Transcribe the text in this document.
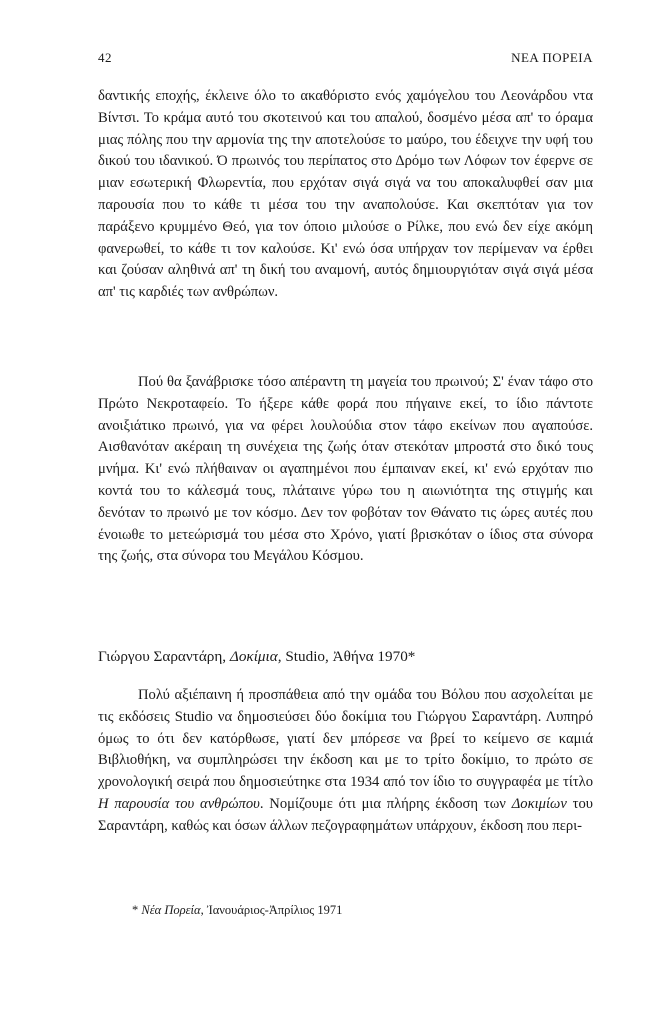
42	ΝΕΑ ΠΟΡΕΙΑ

δαντικής εποχής, έκλεινε όλο το ακαθόριστο ενός χαμόγελου του Λεονάρδου ντα Βίντσι. Το κράμα αυτό του σκοτεινού και του απαλού, δοσμένο μέσα απ' το όραμα μιας πόλης που την αρμονία της την αποτελούσε το μαύρο, του έδειχνε την υφή του δικού του ιδανικού. Ό πρωινός του περίπατος στο Δρόμο των Λόφων τον έφερνε σε μιαν εσωτερική Φλωρεντία, που ερχόταν σιγά σιγά να του αποκαλυφθεί σαν μια παρουσία που το κάθε τι μέσα του την αναπολούσε. Και σκεπτόταν για τον παράξενο κρυμμένο Θεό, για τον όποιο μιλούσε ο Ρίλκε, που ενώ δεν είχε ακόμη φανερωθεί, το κάθε τι τον καλούσε. Κι' ενώ όσα υπήρχαν τον περίμεναν να έρθει και ζούσαν αληθινά απ' τη δική του αναμονή, αυτός δημιουργιόταν σιγά σιγά μέσα απ' τις καρδιές των ανθρώπων.

Πού θα ξανάβρισκε τόσο απέραντη τη μαγεία του πρωινού; Σ' έναν τάφο στο Πρώτο Νεκροταφείο. Το ήξερε κάθε φορά που πήγαινε εκεί, το ίδιο πάντοτε ανοιξιάτικο πρωινό, για να φέρει λουλούδια στον τάφο εκείνων που αγαπούσε. Αισθανόταν ακέραιη τη συνέχεια της ζωής όταν στεκόταν μπροστά στο δικό τους μνήμα. Κι' ενώ πλήθαιναν οι αγαπημένοι που έμπαιναν εκεί, κι' ενώ ερχόταν πιο κοντά του το κάλεσμά τους, πλάταινε γύρω του η αιωνιότητα της στιγμής και δενόταν το πρωινό με τον κόσμο. Δεν τον φοβόταν τον Θάνατο τις ώρες αυτές που ένοιωθε το μετεώρισμά του μέσα στο Χρόνο, γιατί βρισκόταν ο ίδιος στα σύνορα της ζωής, στα σύνορα του Μεγάλου Κόσμου.

Γιώργου Σαραντάρη, Δοκίμια, Studio, Ἀθήνα 1970*

Πολύ αξιέπαινη ή προσπάθεια από την ομάδα του Βόλου που ασχολείται με τις εκδόσεις Studio να δημοσιεύσει δύο δοκίμια του Γιώργου Σαραντάρη. Λυπηρό όμως το ότι δεν κατόρθωσε, γιατί δεν μπόρεσε να βρεί το κείμενο σε καμιά Βιβλιοθήκη, να συμπληρώσει την έκδοση και με το τρίτο δοκίμιο, το πρώτο σε χρονολογική σειρά που δημοσιεύτηκε στα 1934 από τον ίδιο το συγγραφέα με τίτλο Η παρουσία του ανθρώπου. Νομίζουμε ότι μια πλήρης έκδοση των Δοκιμίων του Σαραντάρη, καθώς και όσων άλλων πεζογραφημάτων υπάρχουν, έκδοση που περι-

* Νέα Πορεία, Ἰανουάριος-Ἀπρίλιος 1971
